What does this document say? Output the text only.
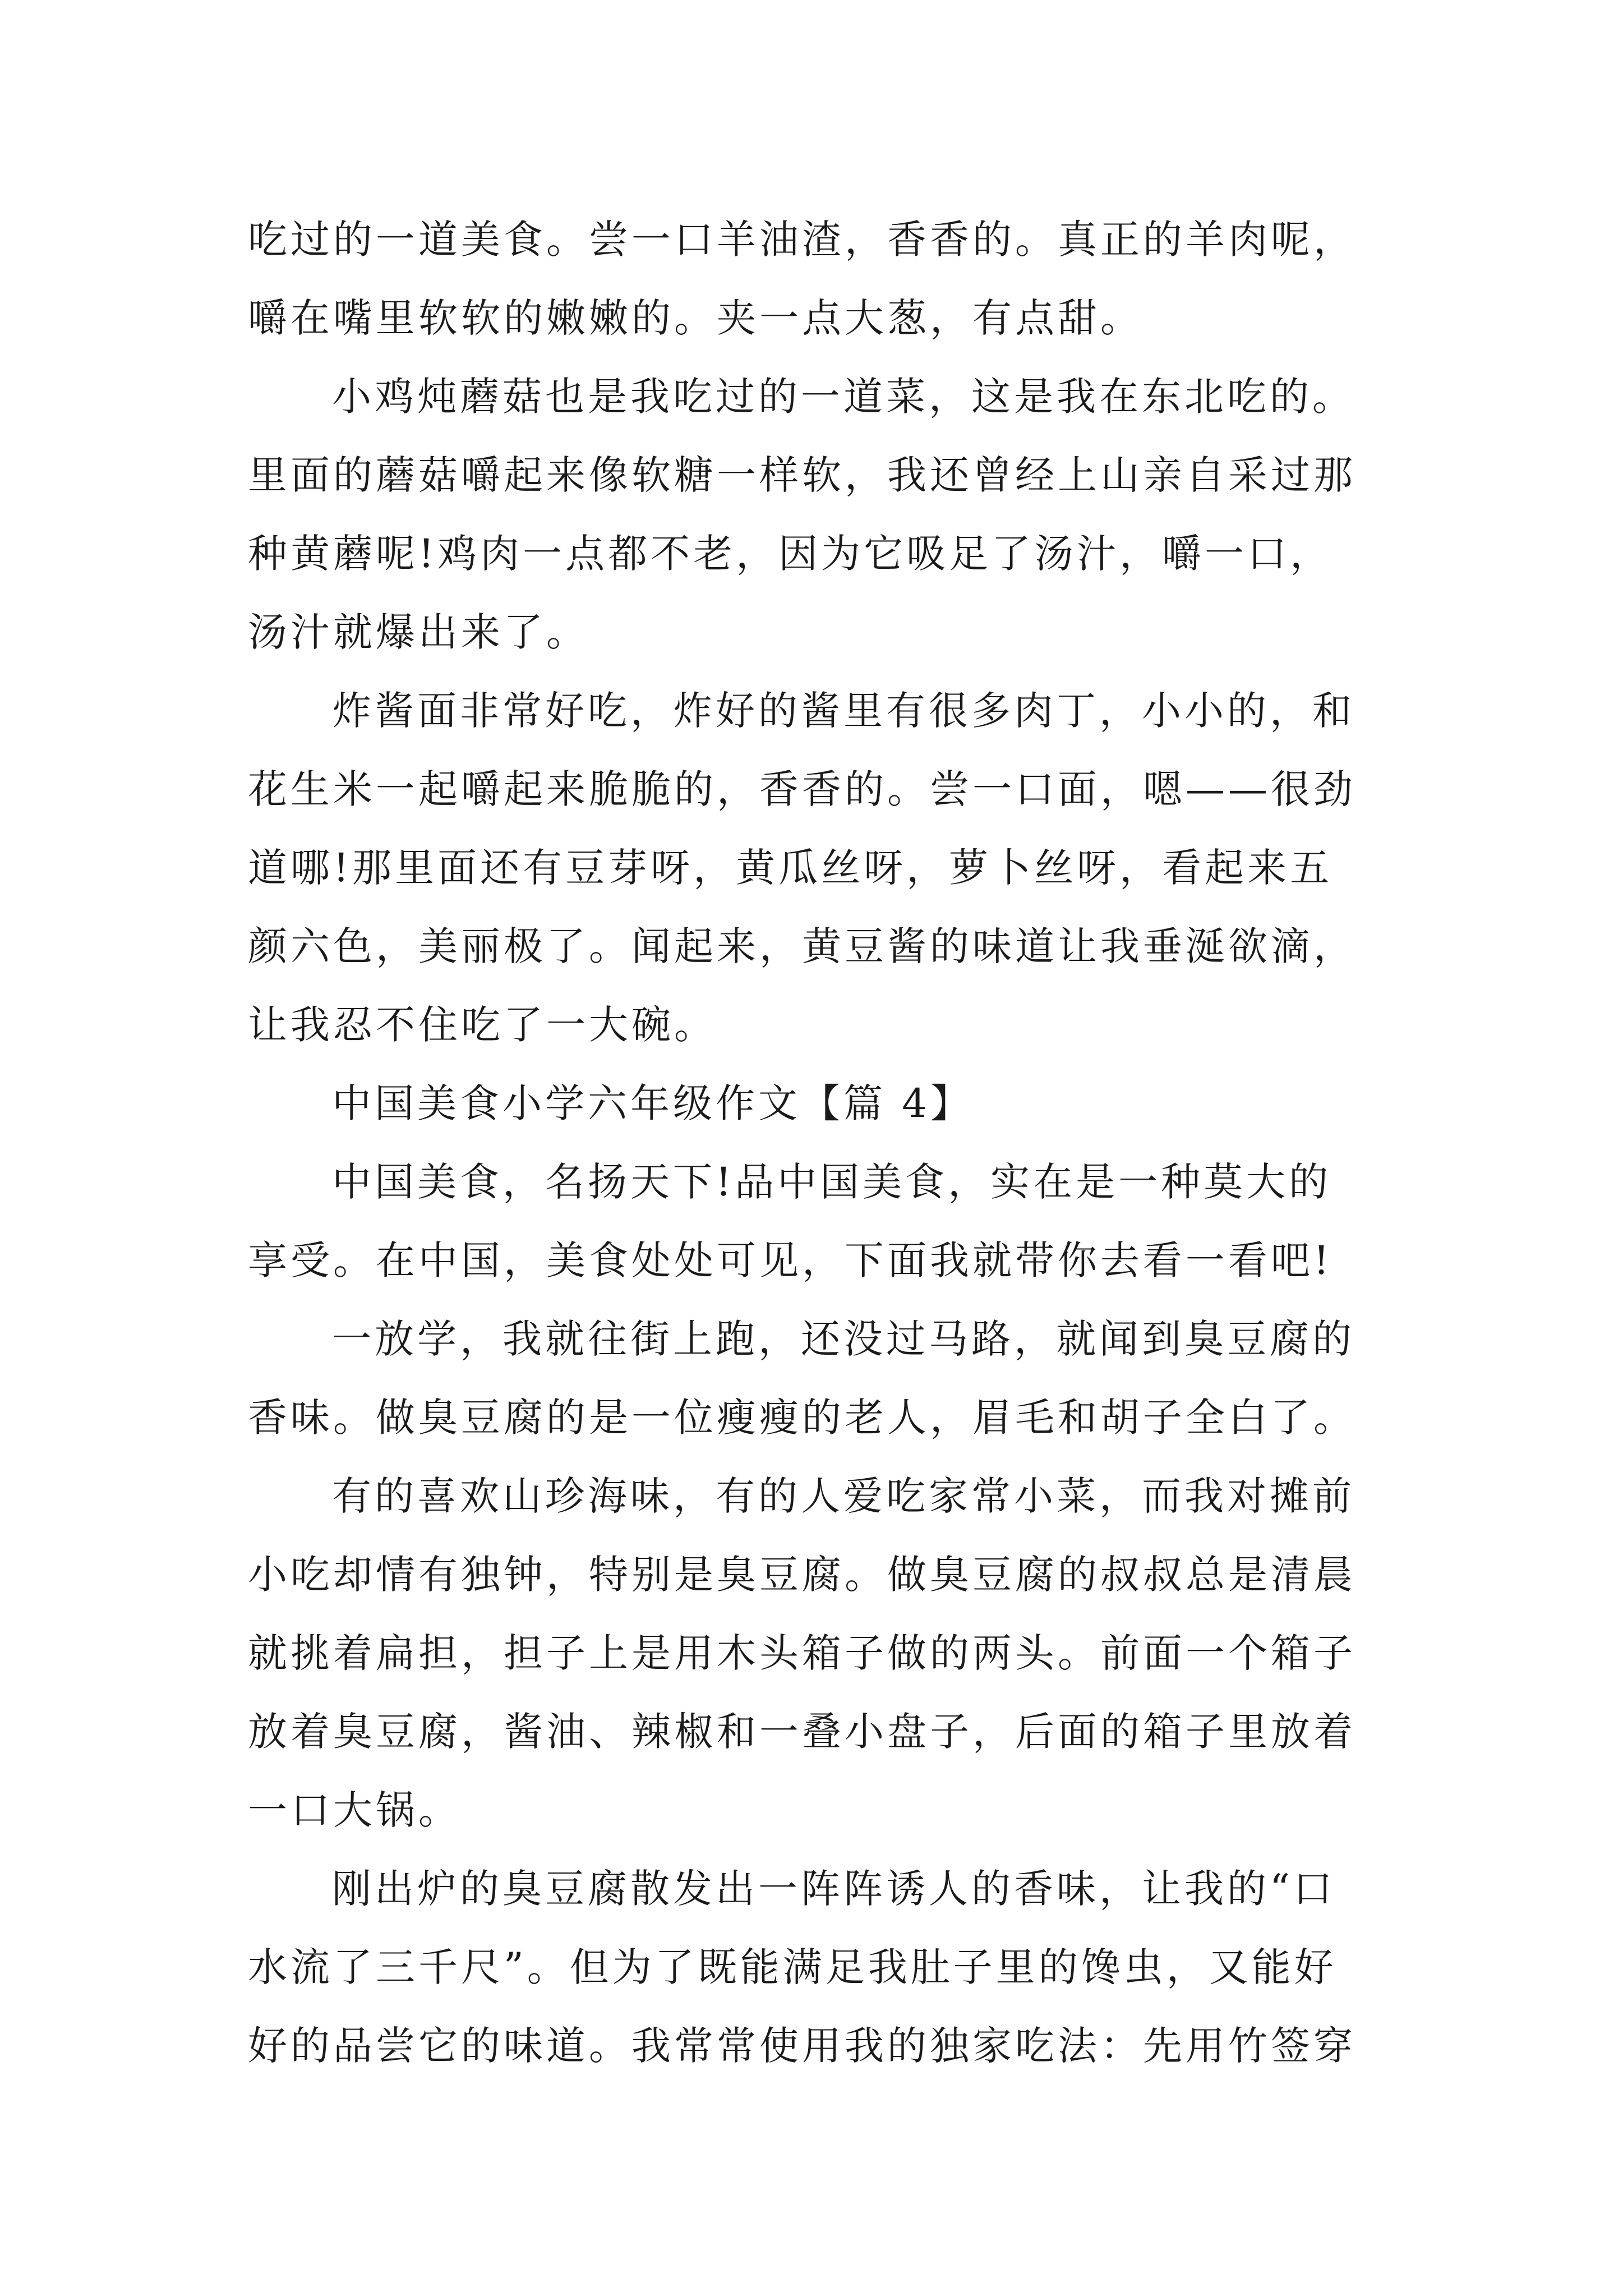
吃过的一道美食。尝一口羊油渣，香香的。真正的羊肉呢，
嚼在嘴里软软的嫩嫩的。夹一点大葱，有点甜。
小鸡炖蘑菇也是我吃过的一道菜，这是我在东北吃的。
里面的蘑菇嚼起来像软糖一样软，我还曾经上山亲自采过那
种黄蘑呢!鸡肉一点都不老，因为它吸足了汤汁，嚼一口，
汤汁就爆出来了。
炸酱面非常好吃，炸好的酱里有很多肉丁，小小的，和
花生米一起嚼起来脆脆的，香香的。尝一口面，嗯——很劲
道哪!那里面还有豆芽呀，黄瓜丝呀，萝卜丝呀，看起来五
颜六色，美丽极了。闻起来，黄豆酱的味道让我垂涎欲滴，
让我忍不住吃了一大碗。
中国美食小学六年级作文【篇 4】
中国美食，名扬天下!品中国美食，实在是一种莫大的
享受。在中国，美食处处可见，下面我就带你去看一看吧!
一放学，我就往街上跑，还没过马路，就闻到臭豆腐的
香味。做臭豆腐的是一位瘦瘦的老人，眉毛和胡子全白了。
有的喜欢山珍海味，有的人爱吃家常小菜，而我对摊前
小吃却情有独钟，特别是臭豆腐。做臭豆腐的叔叔总是清晨
就挑着扁担，担子上是用木头箱子做的两头。前面一个箱子
放着臭豆腐，酱油、辣椒和一叠小盘子，后面的箱子里放着
一口大锅。
刚出炉的臭豆腐散发出一阵阵诱人的香味，让我的“口
水流了三千尺”。但为了既能满足我肚子里的馋虫，又能好
好的品尝它的味道。我常常使用我的独家吃法：先用竹签穿
